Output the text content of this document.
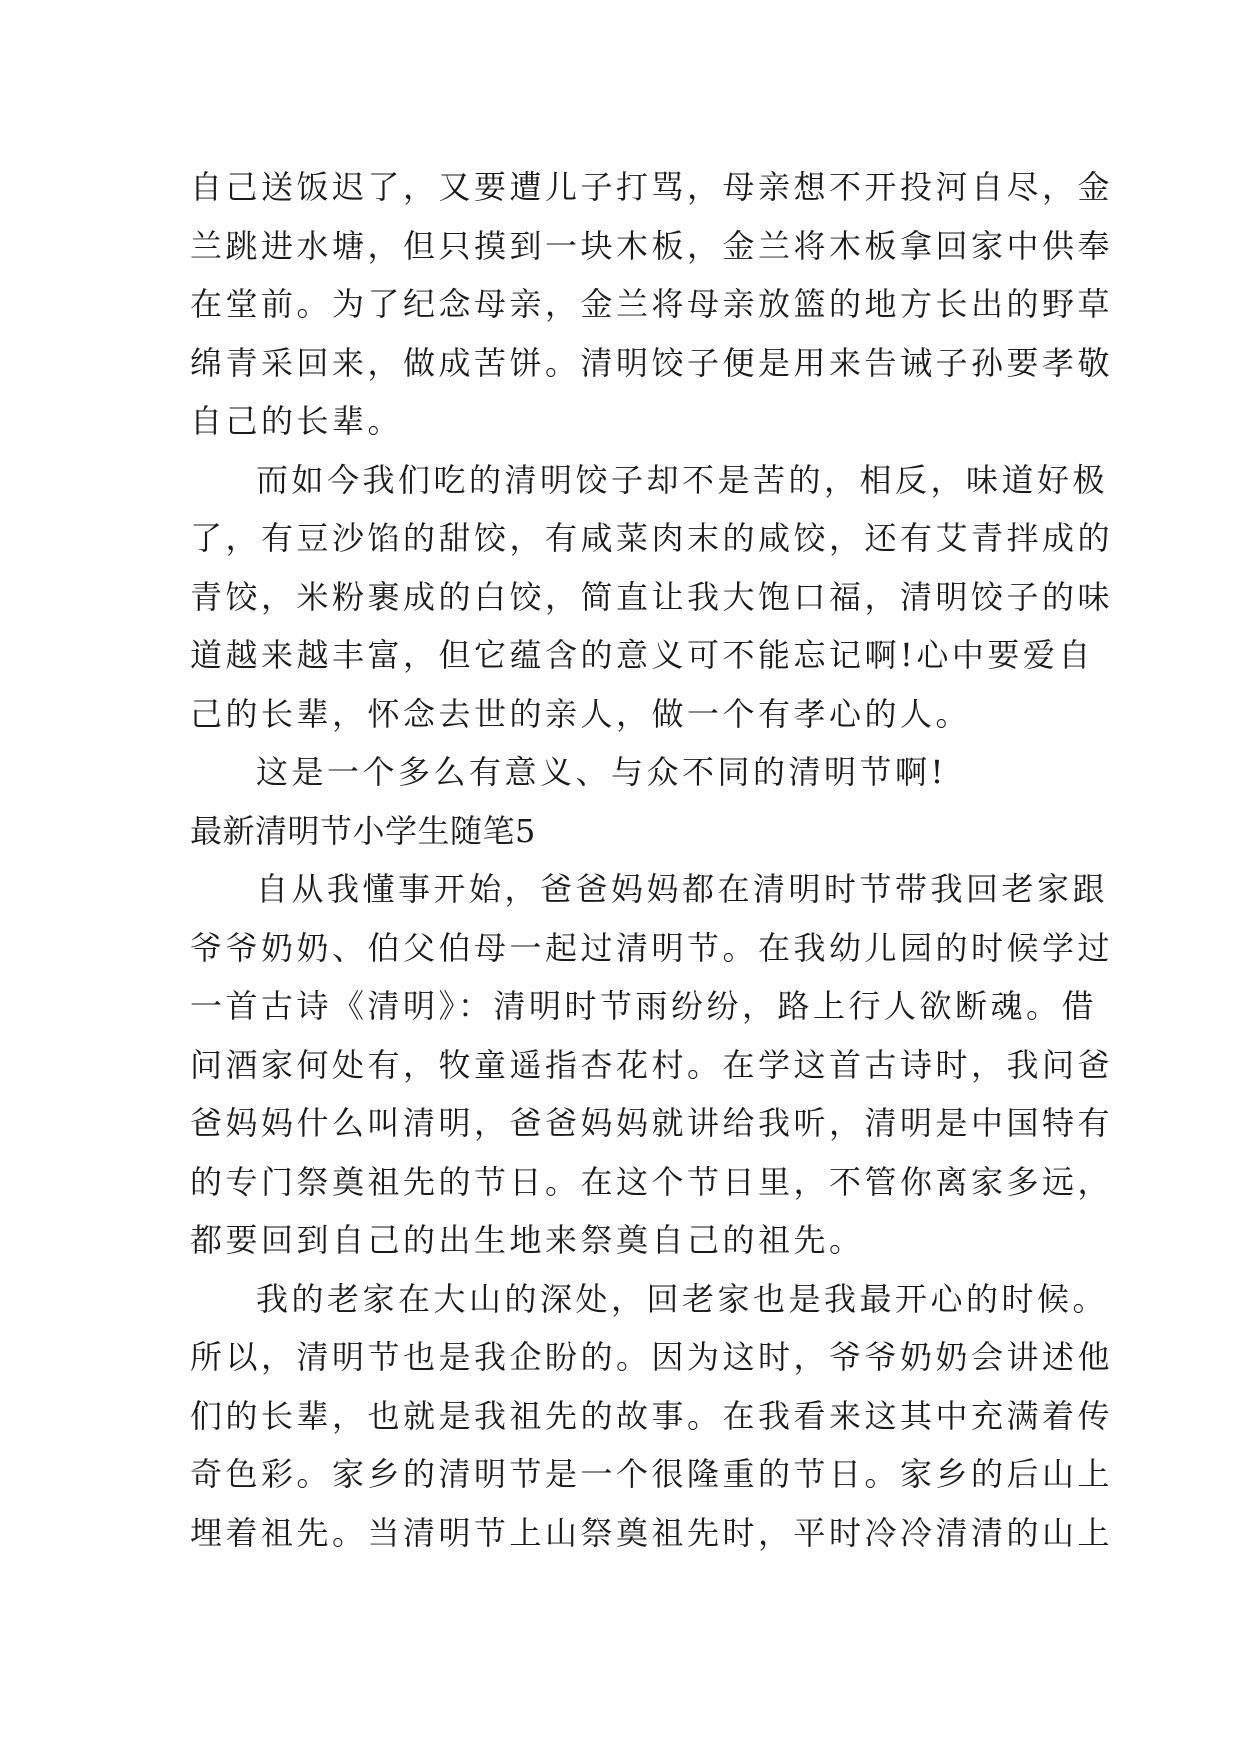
自己送饭迟了，又要遭儿子打骂，母亲想不开投河自尽，金
兰跳进水塘，但只摸到一块木板，金兰将木板拿回家中供奉
在堂前。为了纪念母亲，金兰将母亲放篮的地方长出的野草
绵青采回来，做成苦饼。清明饺子便是用来告诫子孙要孝敬
自己的长辈。
而如今我们吃的清明饺子却不是苦的，相反，味道好极
了，有豆沙馅的甜饺，有咸菜肉末的咸饺，还有艾青拌成的
青饺，米粉裹成的白饺，简直让我大饱口福，清明饺子的味
道越来越丰富，但它蕴含的意义可不能忘记啊!心中要爱自
己的长辈，怀念去世的亲人，做一个有孝心的人。
这是一个多么有意义、与众不同的清明节啊!
最新清明节小学生随笔5
自从我懂事开始，爸爸妈妈都在清明时节带我回老家跟
爷爷奶奶、伯父伯母一起过清明节。在我幼儿园的时候学过
一首古诗《清明》：清明时节雨纷纷，路上行人欲断魂。借
问酒家何处有，牧童遥指杏花村。在学这首古诗时，我问爸
爸妈妈什么叫清明，爸爸妈妈就讲给我听，清明是中国特有
的专门祭奠祖先的节日。在这个节日里，不管你离家多远，
都要回到自己的出生地来祭奠自己的祖先。
我的老家在大山的深处，回老家也是我最开心的时候。
所以，清明节也是我企盼的。因为这时，爷爷奶奶会讲述他
们的长辈，也就是我祖先的故事。在我看来这其中充满着传
奇色彩。家乡的清明节是一个很隆重的节日。家乡的后山上
埋着祖先。当清明节上山祭奠祖先时，平时冷冷清清的山上
